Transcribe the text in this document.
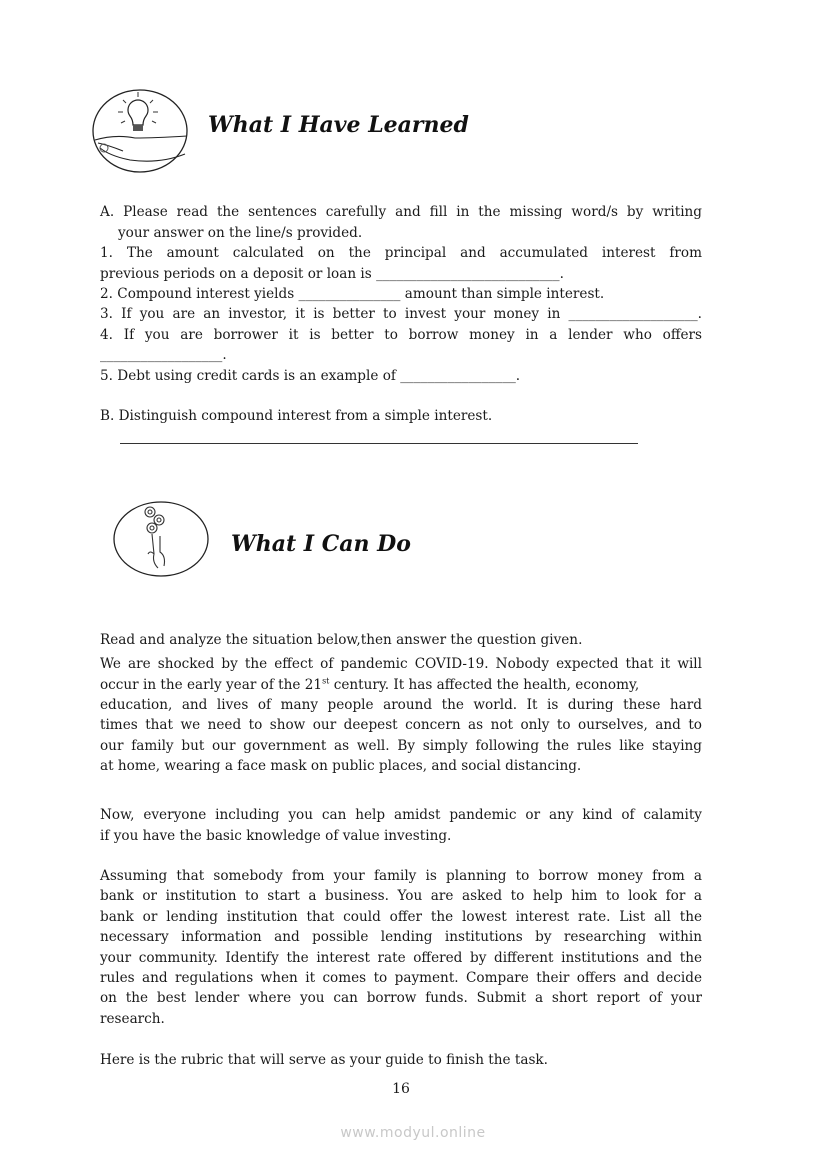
What I Have Learned
A. Please read the sentences carefully and fill in the missing word/s by writing
your answer on the line/s provided.
1. The amount calculated on the principal and accumulated interest from
previous periods on a deposit or loan is ___________________________.
2. Compound interest yields _______________ amount than simple interest.
3. If you are an investor, it is better to invest your money in ___________________.
4. If you are borrower it is better to borrow money in a lender who offers
__________________.
5. Debt using credit cards is an example of _________________.
B. Distinguish compound interest from a simple interest.
What I Can Do
Read and analyze the situation below,then answer the question given.
We are shocked by the effect of pandemic COVID-19. Nobody expected that it will
occur in the early year of the 21st century. It has affected the health, economy,
education, and lives of many people around the world. It is during these hard
times that we need to show our deepest concern as not only to ourselves, and to
our family but our government as well. By simply following the rules like staying
at home, wearing a face mask on public places, and social distancing.
Now, everyone including you can help amidst pandemic or any kind of calamity
if you have the basic knowledge of value investing.
Assuming that somebody from your family is planning to borrow money from a
bank or institution to start a business. You are asked to help him to look for a
bank or lending institution that could offer the lowest interest rate. List all the
necessary information and possible lending institutions by researching within
your community. Identify the interest rate offered by different institutions and the
rules and regulations when it comes to payment. Compare their offers and decide
on the best lender where you can borrow funds. Submit a short report of your
research.
Here is the rubric that will serve as your guide to finish the task.
16
www.modyul.online
